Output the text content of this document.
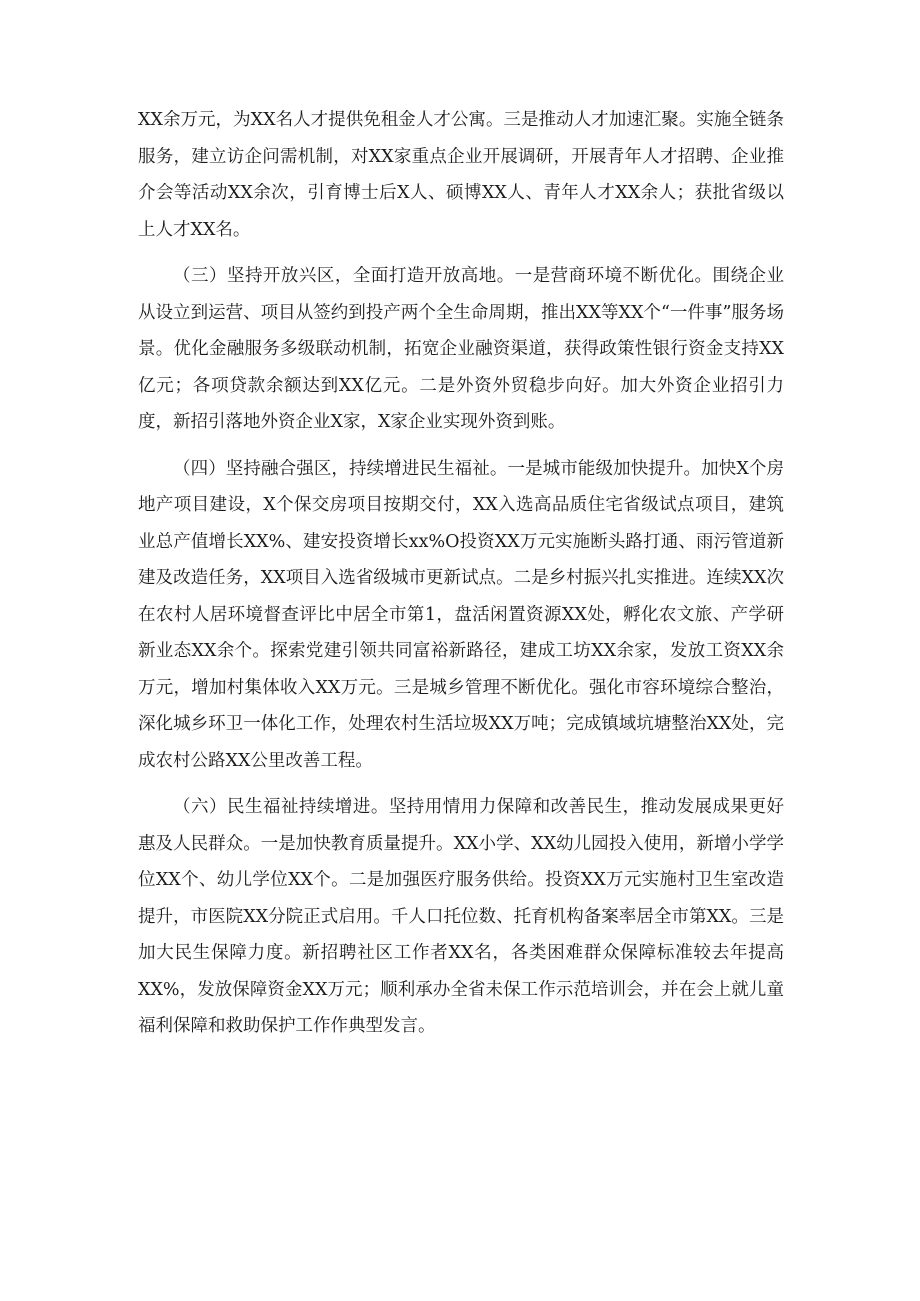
XX余万元，为XX名人才提供免租金人才公寓。三是推动人才加速汇聚。实施全链条服务，建立访企问需机制，对XX家重点企业开展调研，开展青年人才招聘、企业推介会等活动XX余次，引育博士后X人、硕博XX人、青年人才XX余人；获批省级以上人才XX名。

（三）坚持开放兴区，全面打造开放高地。一是营商环境不断优化。围绕企业从设立到运营、项目从签约到投产两个全生命周期，推出XX等XX个“一件事”服务场景。优化金融服务多级联动机制，拓宽企业融资渠道，获得政策性银行资金支持XX亿元；各项贷款余额达到XX亿元。二是外资外贸稳步向好。加大外资企业招引力度，新招引落地外资企业X家，X家企业实现外资到账。

（四）坚持融合强区，持续增进民生福祉。一是城市能级加快提升。加快X个房地产项目建设，X个保交房项目按期交付，XX入选高品质住宅省级试点项目，建筑业总产值增长XX%、建安投资增长xx%O投资XX万元实施断头路打通、雨污管道新建及改造任务，XX项目入选省级城市更新试点。二是乡村振兴扎实推进。连续XX次在农村人居环境督查评比中居全市第1，盘活闲置资源XX处，孵化农文旅、产学研新业态XX余个。探索党建引领共同富裕新路径，建成工坊XX余家，发放工资XX余万元，增加村集体收入XX万元。三是城乡管理不断优化。强化市容环境综合整治，深化城乡环卫一体化工作，处理农村生活垃圾XX万吨；完成镇域坑塘整治XX处，完成农村公路XX公里改善工程。

（六）民生福祉持续增进。坚持用情用力保障和改善民生，推动发展成果更好惠及人民群众。一是加快教育质量提升。XX小学、XX幼儿园投入使用，新增小学学位XX个、幼儿学位XX个。二是加强医疗服务供给。投资XX万元实施村卫生室改造提升，市医院XX分院正式启用。千人口托位数、托育机构备案率居全市第XX。三是加大民生保障力度。新招聘社区工作者XX名，各类困难群众保障标准较去年提高XX%，发放保障资金XX万元；顺利承办全省未保工作示范培训会，并在会上就儿童福利保障和救助保护工作作典型发言。
